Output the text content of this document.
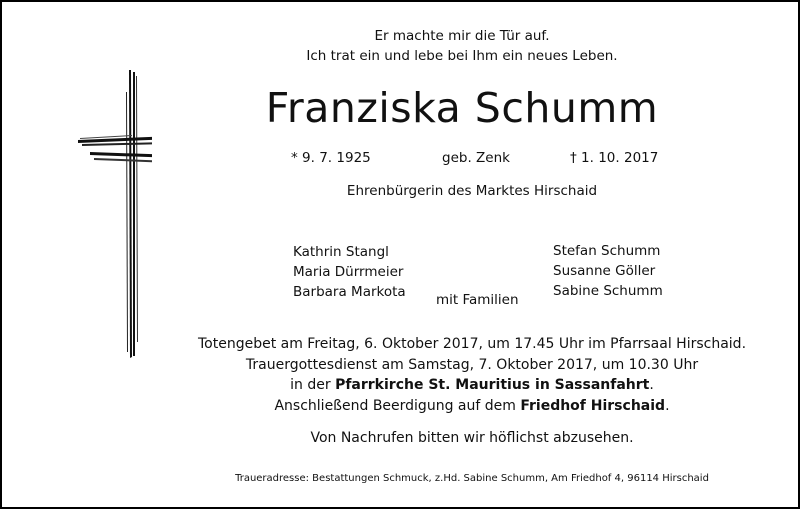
Er machte mir die Tür auf.
Ich trat ein und lebe bei Ihm ein neues Leben.
Franziska Schumm
* 9. 7. 1925	geb. Zenk	† 1. 10. 2017
Ehrenbürgerin des Marktes Hirschaid
Kathrin Stangl
Maria Dürrmeier
Barbara Markota mit Familien
Stefan Schumm
Susanne Göller
Sabine Schumm
Totengebet am Freitag, 6. Oktober 2017, um 17.45 Uhr im Pfarrsaal Hirschaid.
Trauergottesdienst am Samstag, 7. Oktober 2017, um 10.30 Uhr
in der Pfarrkirche St. Mauritius in Sassanfahrt.
Anschließend Beerdigung auf dem Friedhof Hirschaid.
Von Nachrufen bitten wir höflichst abzusehen.
Traueradresse: Bestattungen Schmuck, z.Hd. Sabine Schumm, Am Friedhof 4, 96114 Hirschaid
